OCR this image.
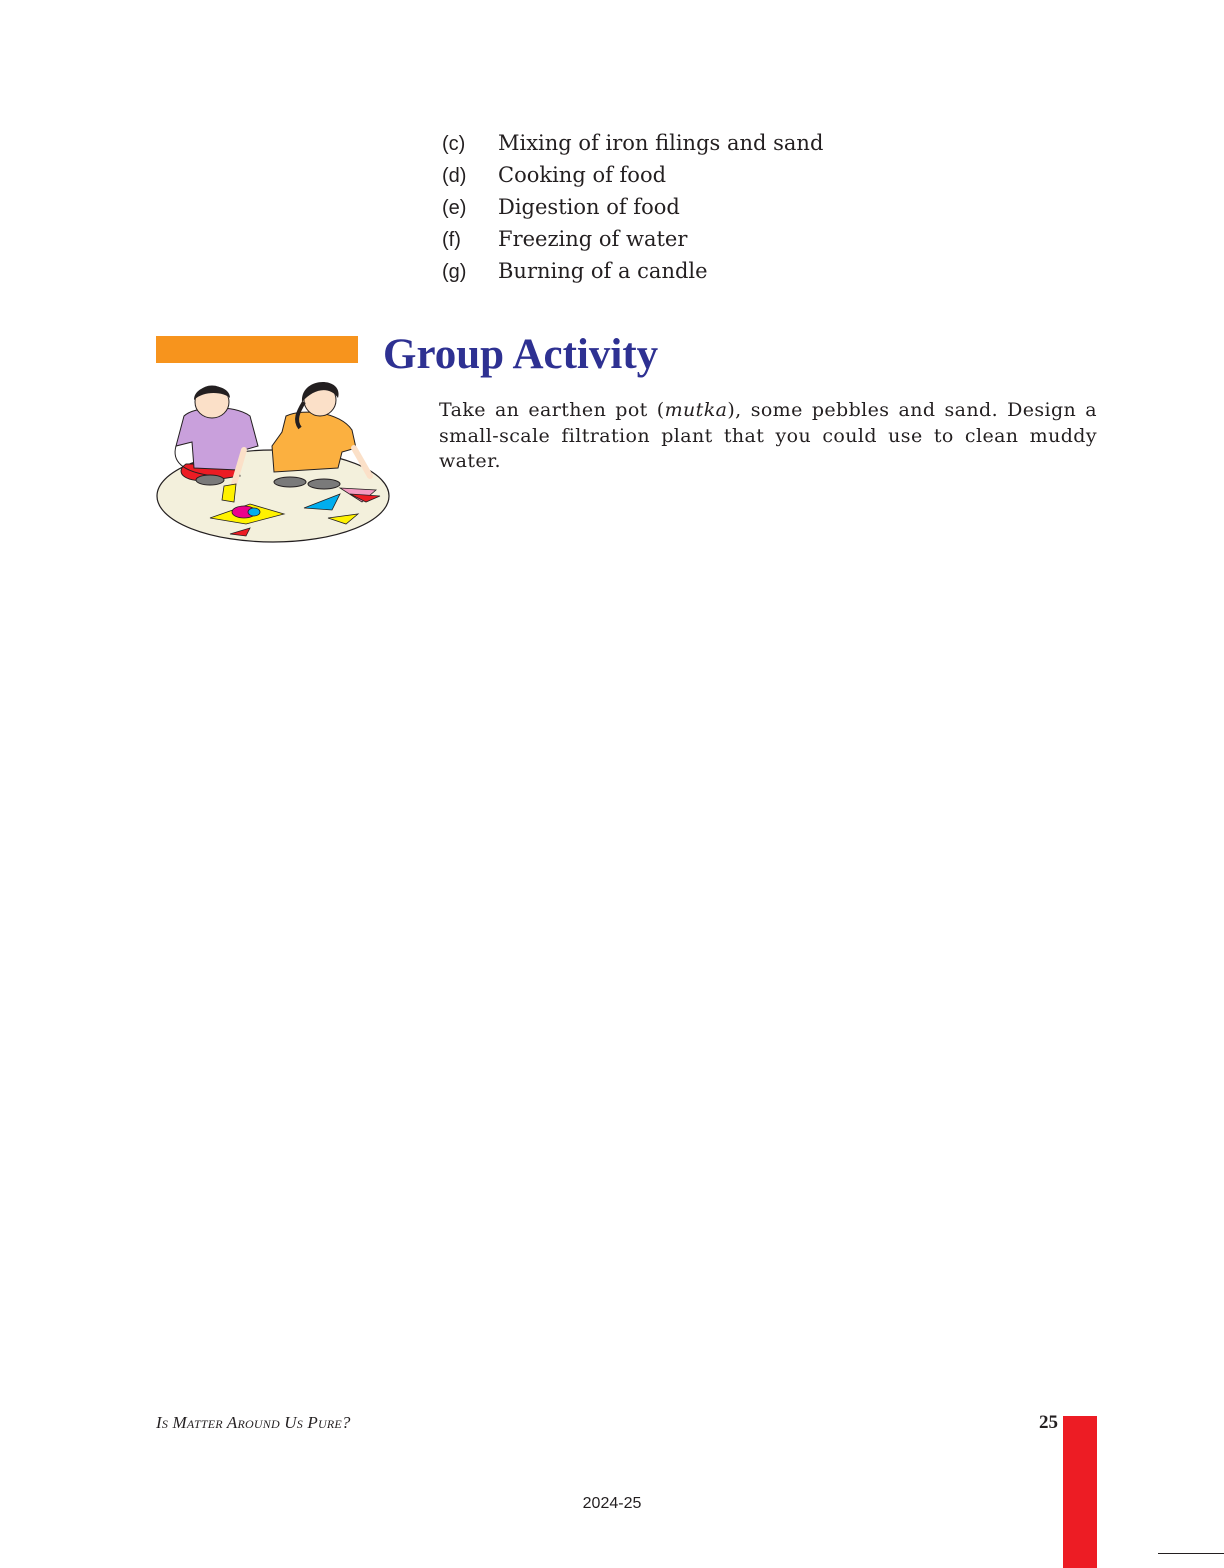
(c) Mixing of iron filings and sand
(d) Cooking of food
(e) Digestion of food
(f) Freezing of water
(g) Burning of a candle
Group Activity

Take an earthen pot (mutka), some pebbles and sand. Design a small-scale filtration plant that you could use to clean muddy water.

Is Matter Around Us Pure?	25
2024-25
